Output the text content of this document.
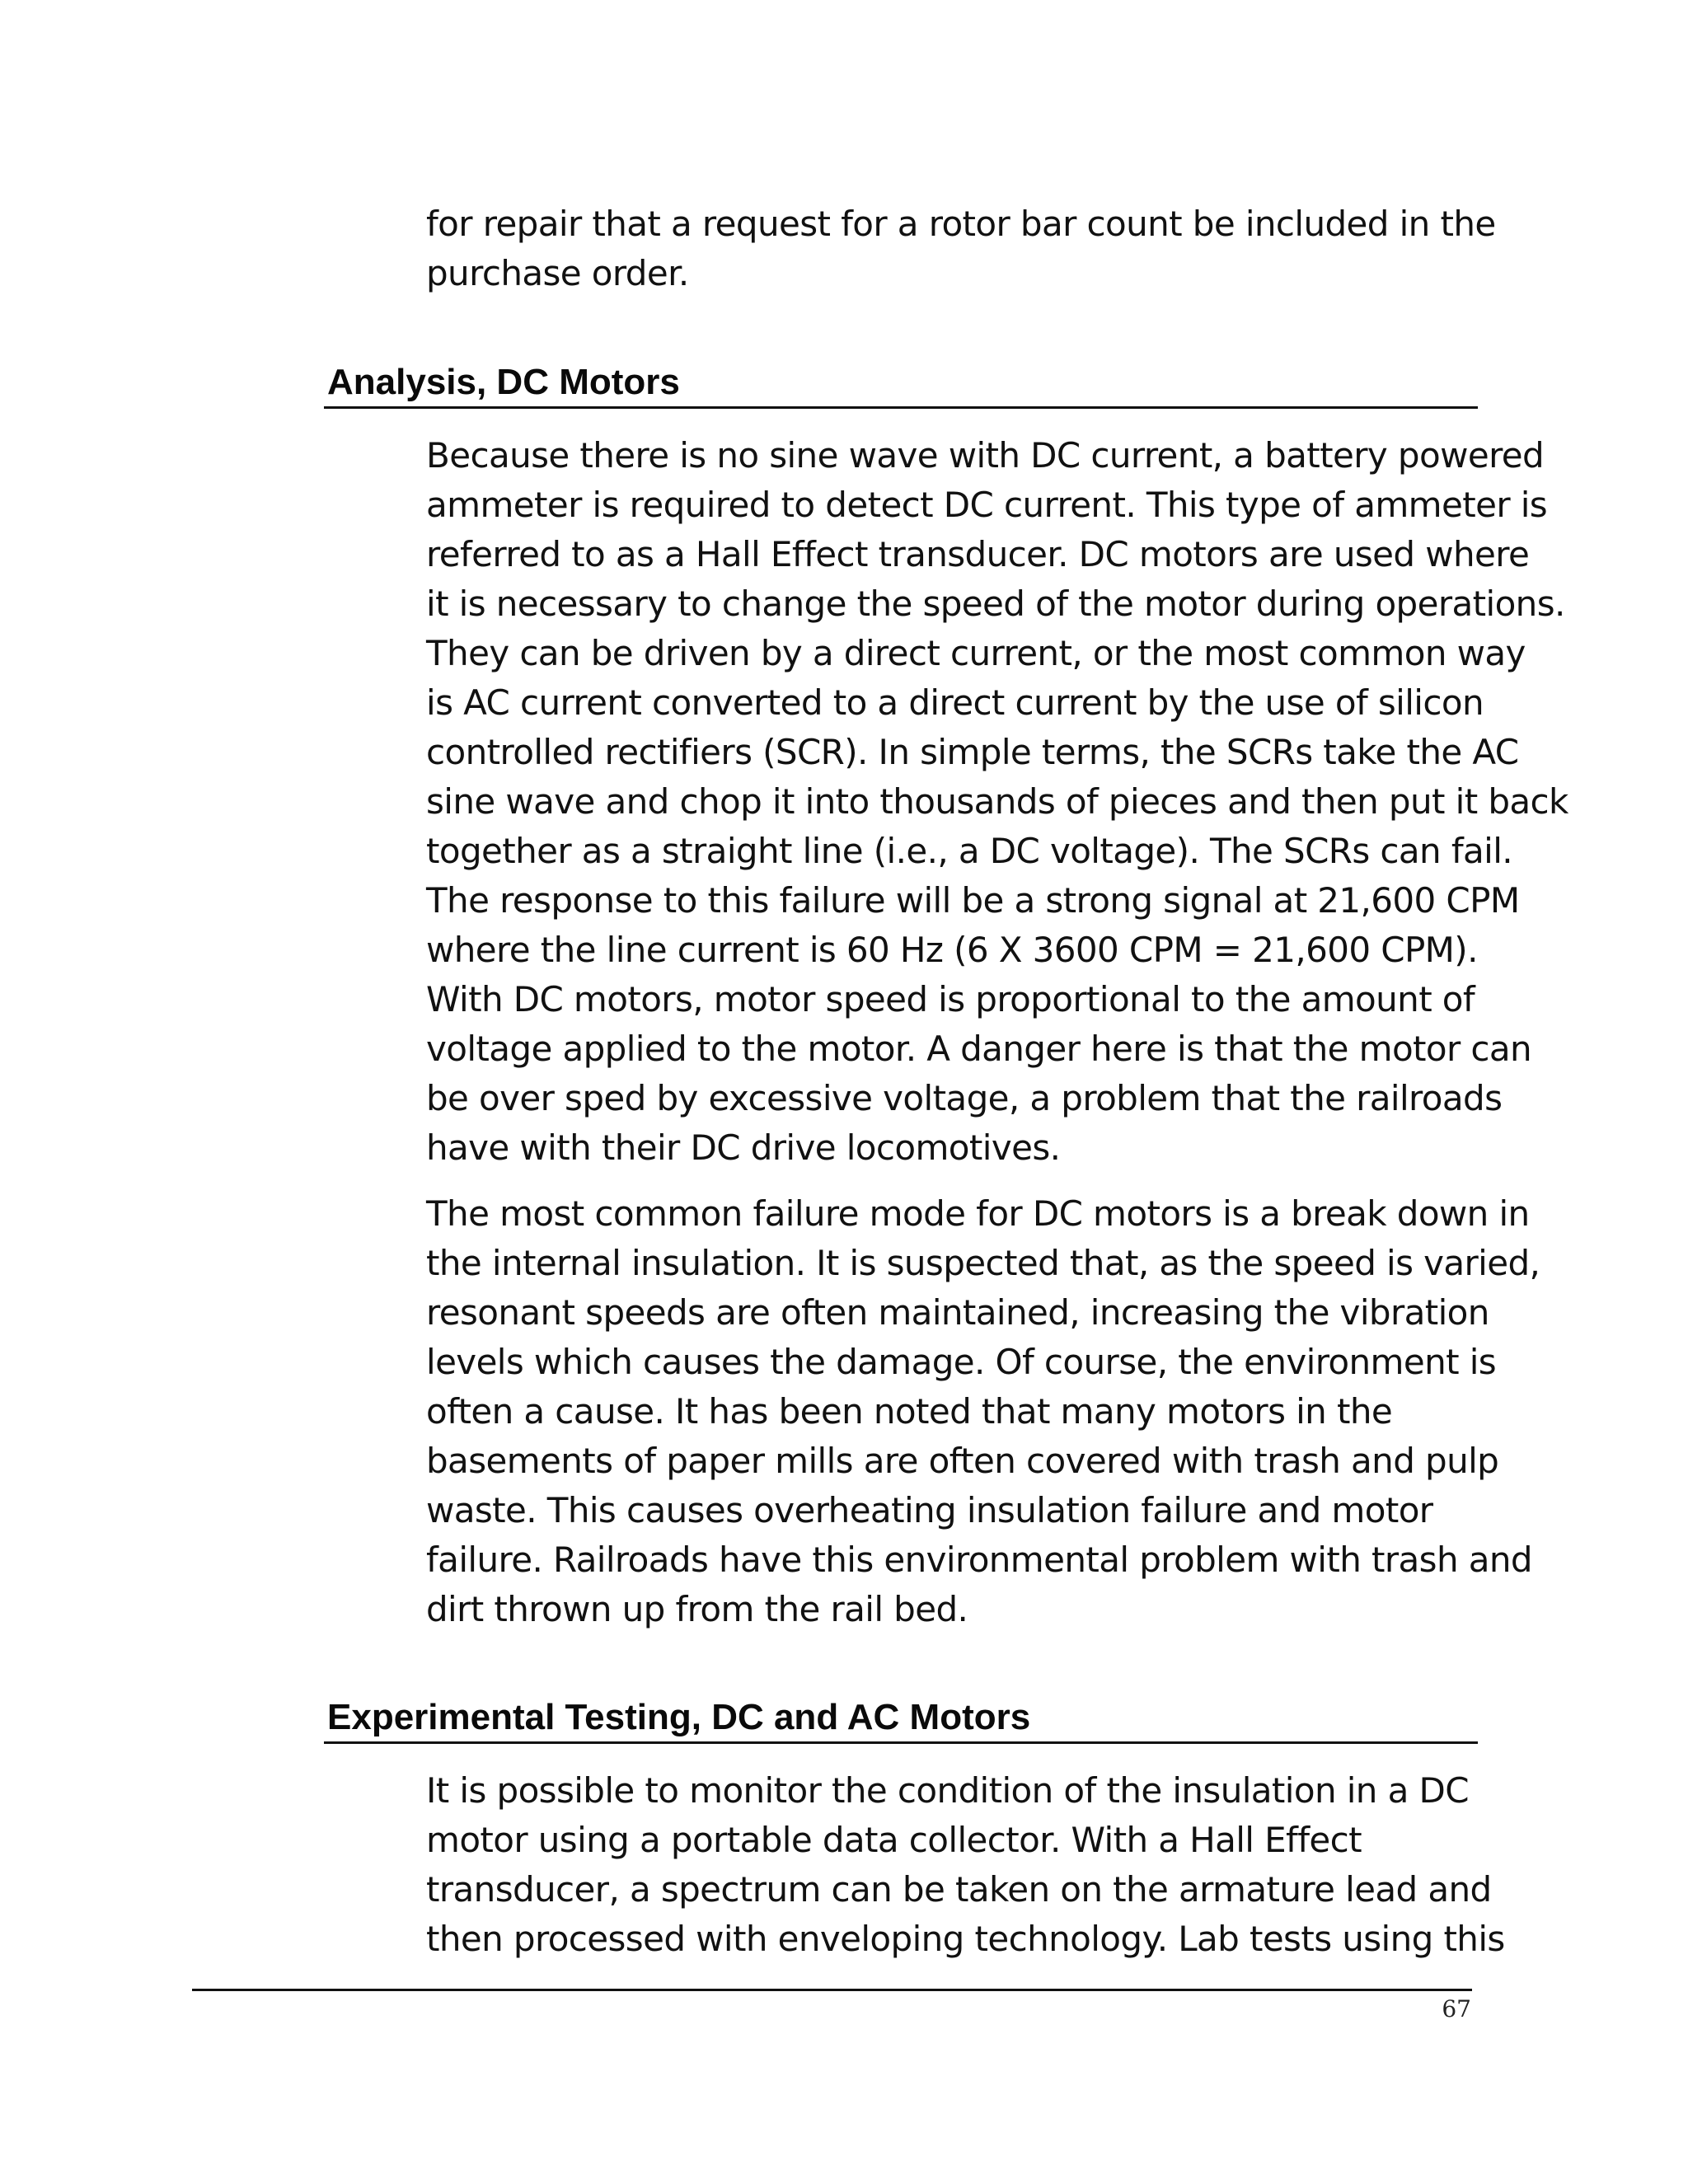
for repair that a request for a rotor bar count be included in the
purchase order.

Analysis, DC Motors

Because there is no sine wave with DC current, a battery powered
ammeter is required to detect DC current. This type of ammeter is
referred to as a Hall Effect transducer. DC motors are used where
it is necessary to change the speed of the motor during operations.
They can be driven by a direct current, or the most common way
is AC current converted to a direct current by the use of silicon
controlled rectifiers (SCR). In simple terms, the SCRs take the AC
sine wave and chop it into thousands of pieces and then put it back
together as a straight line (i.e., a DC voltage). The SCRs can fail.
The response to this failure will be a strong signal at 21,600 CPM
where the line current is 60 Hz (6 X 3600 CPM = 21,600 CPM).
With DC motors, motor speed is proportional to the amount of
voltage applied to the motor. A danger here is that the motor can
be over sped by excessive voltage, a problem that the railroads
have with their DC drive locomotives.

The most common failure mode for DC motors is a break down in
the internal insulation. It is suspected that, as the speed is varied,
resonant speeds are often maintained, increasing the vibration
levels which causes the damage. Of course, the environment is
often a cause. It has been noted that many motors in the
basements of paper mills are often covered with trash and pulp
waste. This causes overheating insulation failure and motor
failure. Railroads have this environmental problem with trash and
dirt thrown up from the rail bed.

Experimental Testing, DC and AC Motors

It is possible to monitor the condition of the insulation in a DC
motor using a portable data collector. With a Hall Effect
transducer, a spectrum can be taken on the armature lead and
then processed with enveloping technology. Lab tests using this

67
